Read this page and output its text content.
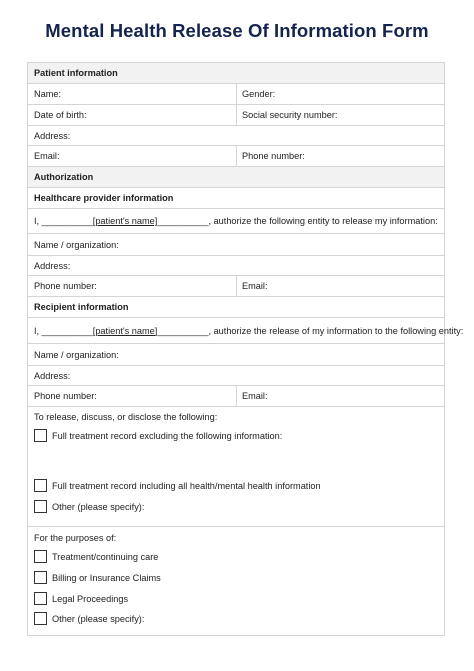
Mental Health Release Of Information Form
Patient information
Name:	Gender:
Date of birth:	Social security number:
Address:
Email:	Phone number:
Authorization
Healthcare provider information
I, __________ [patient's name] __________, authorize the following entity to release my information:
Name / organization:
Address:
Phone number:	Email:
Recipient information
I, __________ [patient's name] __________, authorize the release of my information to the following entity:
Name / organization:
Address:
Phone number:	Email:
To release, discuss, or disclose the following:
Full treatment record excluding the following information:
Full treatment record including all health/mental health information
Other (please specify):
For the purposes of:
Treatment/continuing care
Billing or Insurance Claims
Legal Proceedings
Other (please specify):
